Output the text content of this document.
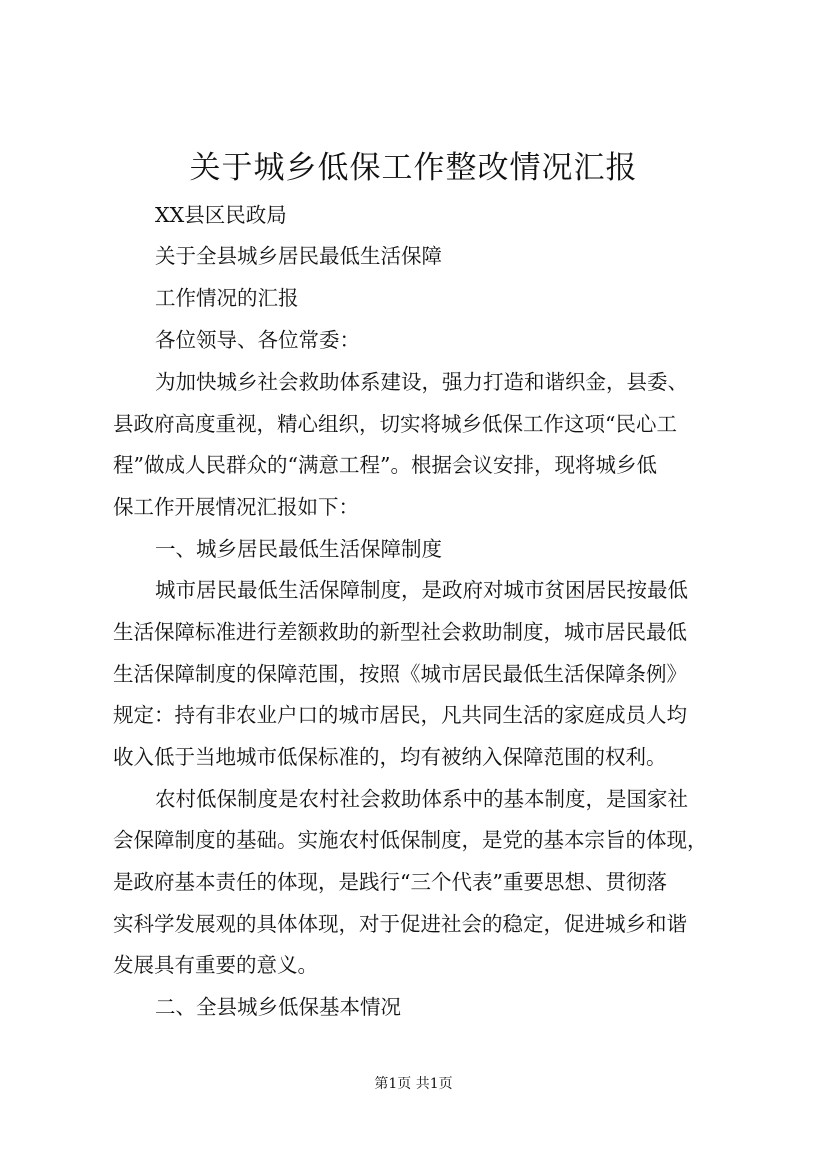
关于城乡低保工作整改情况汇报

XX县区民政局

关于全县城乡居民最低生活保障

工作情况的汇报

各位领导、各位常委：

为加快城乡社会救助体系建设，强力打造和谐织金，县委、

县政府高度重视，精心组织，切实将城乡低保工作这项“民心工

程”做成人民群众的“满意工程”。根据会议安排，现将城乡低

保工作开展情况汇报如下：

一、城乡居民最低生活保障制度

城市居民最低生活保障制度，是政府对城市贫困居民按最低

生活保障标准进行差额救助的新型社会救助制度，城市居民最低

生活保障制度的保障范围，按照《城市居民最低生活保障条例》

规定：持有非农业户口的城市居民，凡共同生活的家庭成员人均

收入低于当地城市低保标准的，均有被纳入保障范围的权利。

农村低保制度是农村社会救助体系中的基本制度，是国家社

会保障制度的基础。实施农村低保制度，是党的基本宗旨的体现，

是政府基本责任的体现，是践行“三个代表”重要思想、贯彻落

实科学发展观的具体体现，对于促进社会的稳定，促进城乡和谐

发展具有重要的意义。

二、全县城乡低保基本情况

第1页 共1页
